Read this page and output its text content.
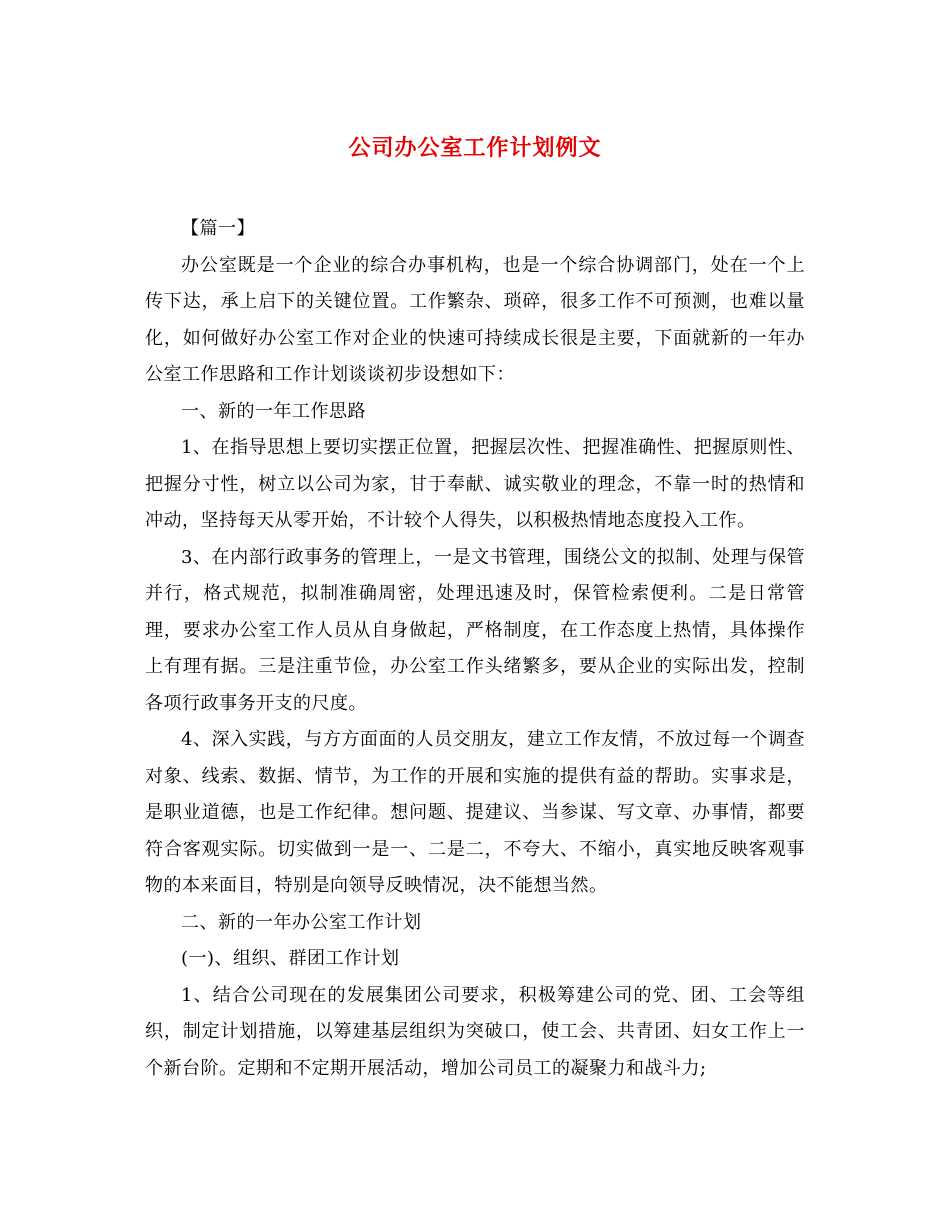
公司办公室工作计划例文

【篇一】

办公室既是一个企业的综合办事机构，也是一个综合协调部门，处在一个上传下达，承上启下的关键位置。工作繁杂、琐碎，很多工作不可预测，也难以量化，如何做好办公室工作对企业的快速可持续成长很是主要，下面就新的一年办公室工作思路和工作计划谈谈初步设想如下：

一、新的一年工作思路

1、在指导思想上要切实摆正位置，把握层次性、把握准确性、把握原则性、把握分寸性，树立以公司为家，甘于奉献、诚实敬业的理念，不靠一时的热情和冲动，坚持每天从零开始，不计较个人得失，以积极热情地态度投入工作。

3、在内部行政事务的管理上，一是文书管理，围绕公文的拟制、处理与保管并行，格式规范，拟制准确周密，处理迅速及时，保管检索便利。二是日常管理，要求办公室工作人员从自身做起，严格制度，在工作态度上热情，具体操作上有理有据。三是注重节俭，办公室工作头绪繁多，要从企业的实际出发，控制各项行政事务开支的尺度。

4、深入实践，与方方面面的人员交朋友，建立工作友情，不放过每一个调查对象、线索、数据、情节，为工作的开展和实施的提供有益的帮助。实事求是，是职业道德，也是工作纪律。想问题、提建议、当参谋、写文章、办事情，都要符合客观实际。切实做到一是一、二是二，不夸大、不缩小，真实地反映客观事物的本来面目，特别是向领导反映情况，决不能想当然。

二、新的一年办公室工作计划

(一)、组织、群团工作计划

1、结合公司现在的发展集团公司要求，积极筹建公司的党、团、工会等组织，制定计划措施，以筹建基层组织为突破口，使工会、共青团、妇女工作上一个新台阶。定期和不定期开展活动，增加公司员工的凝聚力和战斗力;
